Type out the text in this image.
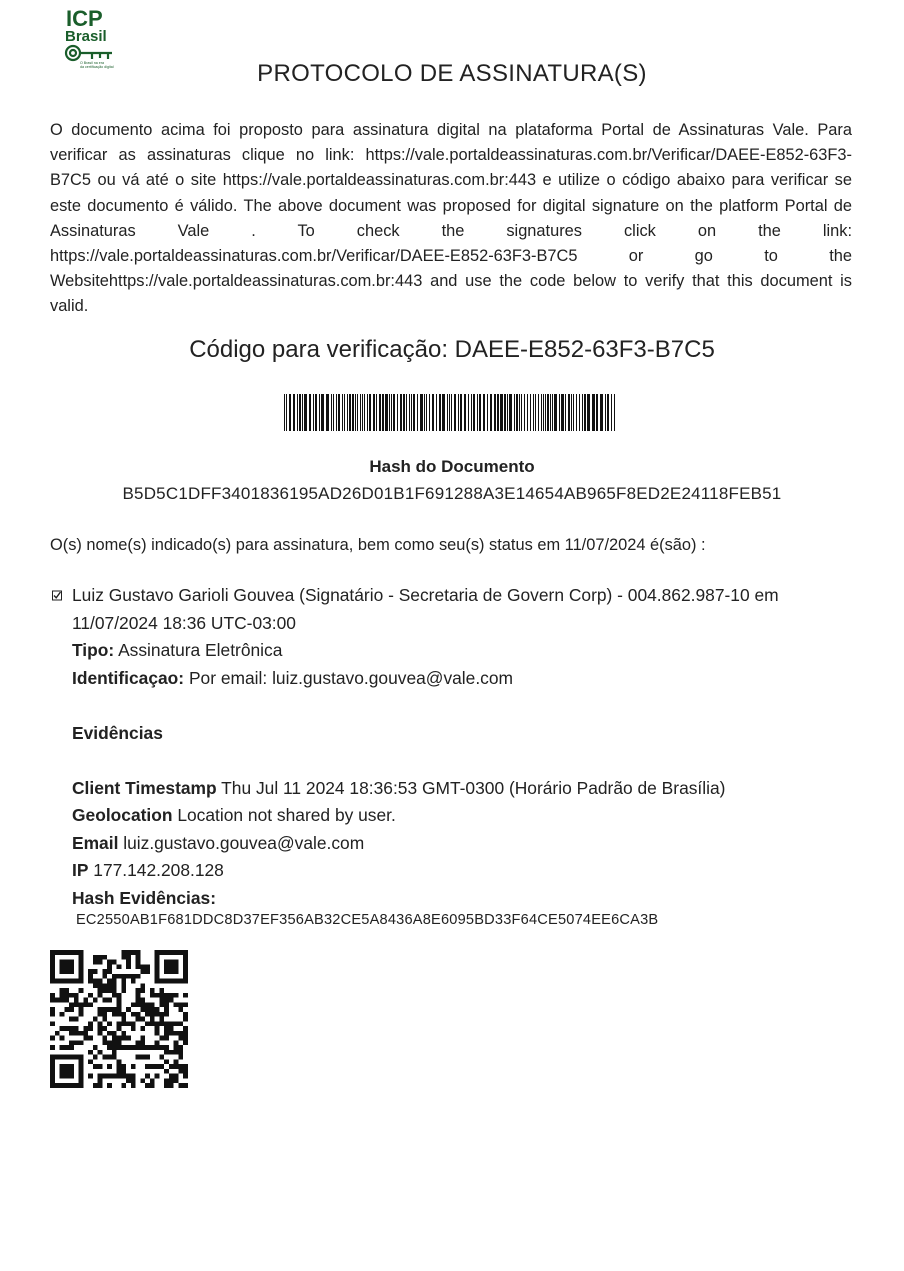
ICP
Brasil
O Brasil na era
da certificação digital	PROTOCOLO DE ASSINATURA(S)

O documento acima foi proposto para assinatura digital na plataforma Portal de Assinaturas Vale. Para verificar as assinaturas clique no link: https://vale.portaldeassinaturas.com.br/Verificar/DAEE-E852-63F3-B7C5 ou vá até o site https://vale.portaldeassinaturas.com.br:443 e utilize o código abaixo para verificar se este documento é válido. The above document was proposed for digital signature on the platform Portal de Assinaturas Vale . To check the signatures click on the link: https://vale.portaldeassinaturas.com.br/Verificar/DAEE-E852-63F3-B7C5 or go to the Websitehttps://vale.portaldeassinaturas.com.br:443 and use the code below to verify that this document is valid.

Código para verificação: DAEE-E852-63F3-B7C5
Hash do Documento
B5D5C1DFF3401836195AD26D01B1F691288A3E14654AB965F8ED2E24118FEB51
O(s) nome(s) indicado(s) para assinatura, bem como seu(s) status em 11/07/2024 é(são) :
Luiz Gustavo Garioli Gouvea (Signatário - Secretaria de Govern Corp) - 004.862.987-10 em
11/07/2024 18:36 UTC-03:00
Tipo: Assinatura Eletrônica
Identificaçao: Por email: luiz.gustavo.gouvea@vale.com
Evidências
Client Timestamp Thu Jul 11 2024 18:36:53 GMT-0300 (Horário Padrão de Brasília)
Geolocation Location not shared by user.
Email luiz.gustavo.gouvea@vale.com
IP 177.142.208.128
Hash Evidências:
EC2550AB1F681DDC8D37EF356AB32CE5A8436A8E6095BD33F64CE5074EE6CA3B
